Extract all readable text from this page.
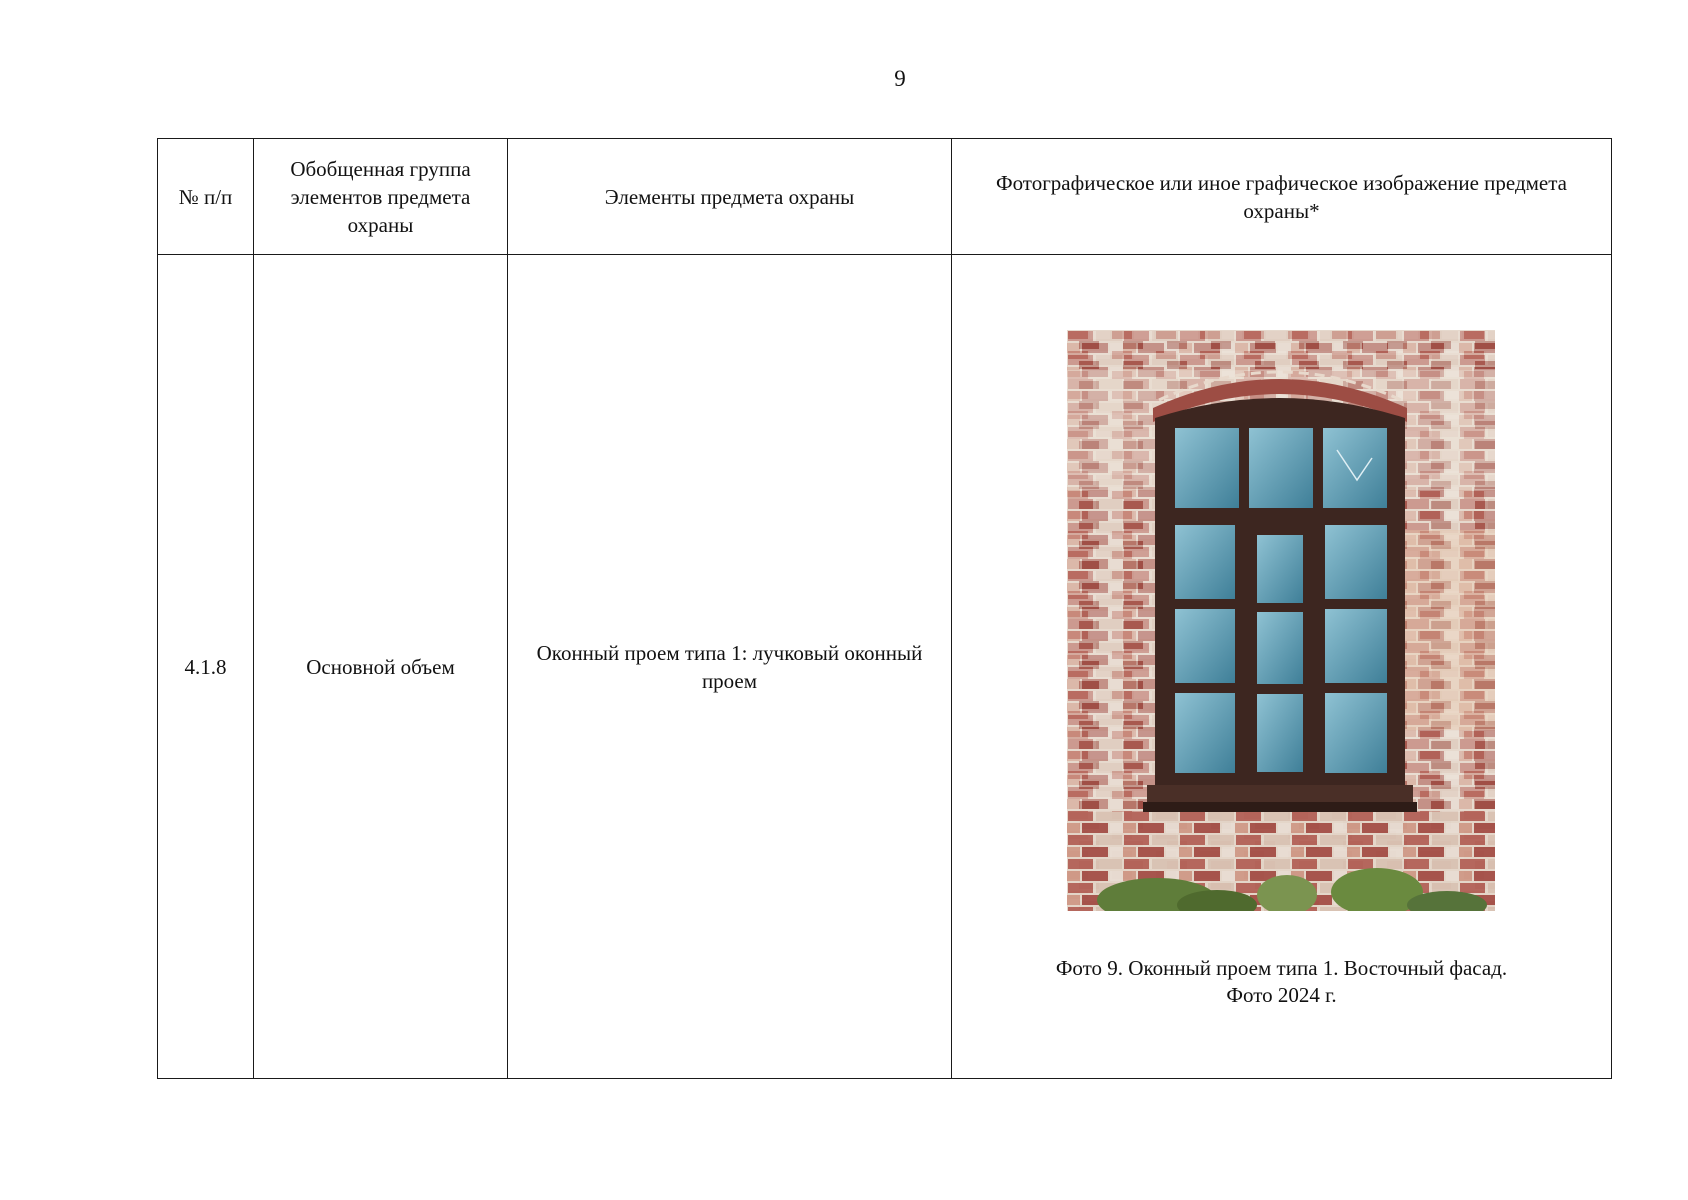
9
№ п/п	Обобщенная группа элементов предмета охраны	Элементы предмета охраны	Фотографическое или иное графическое изображение предмета охраны*
4.1.8	Основной объем	Оконный проем типа 1: лучковый оконный проем	Фото 9. Оконный проем типа 1. Восточный фасад.
Фото 2024 г.
